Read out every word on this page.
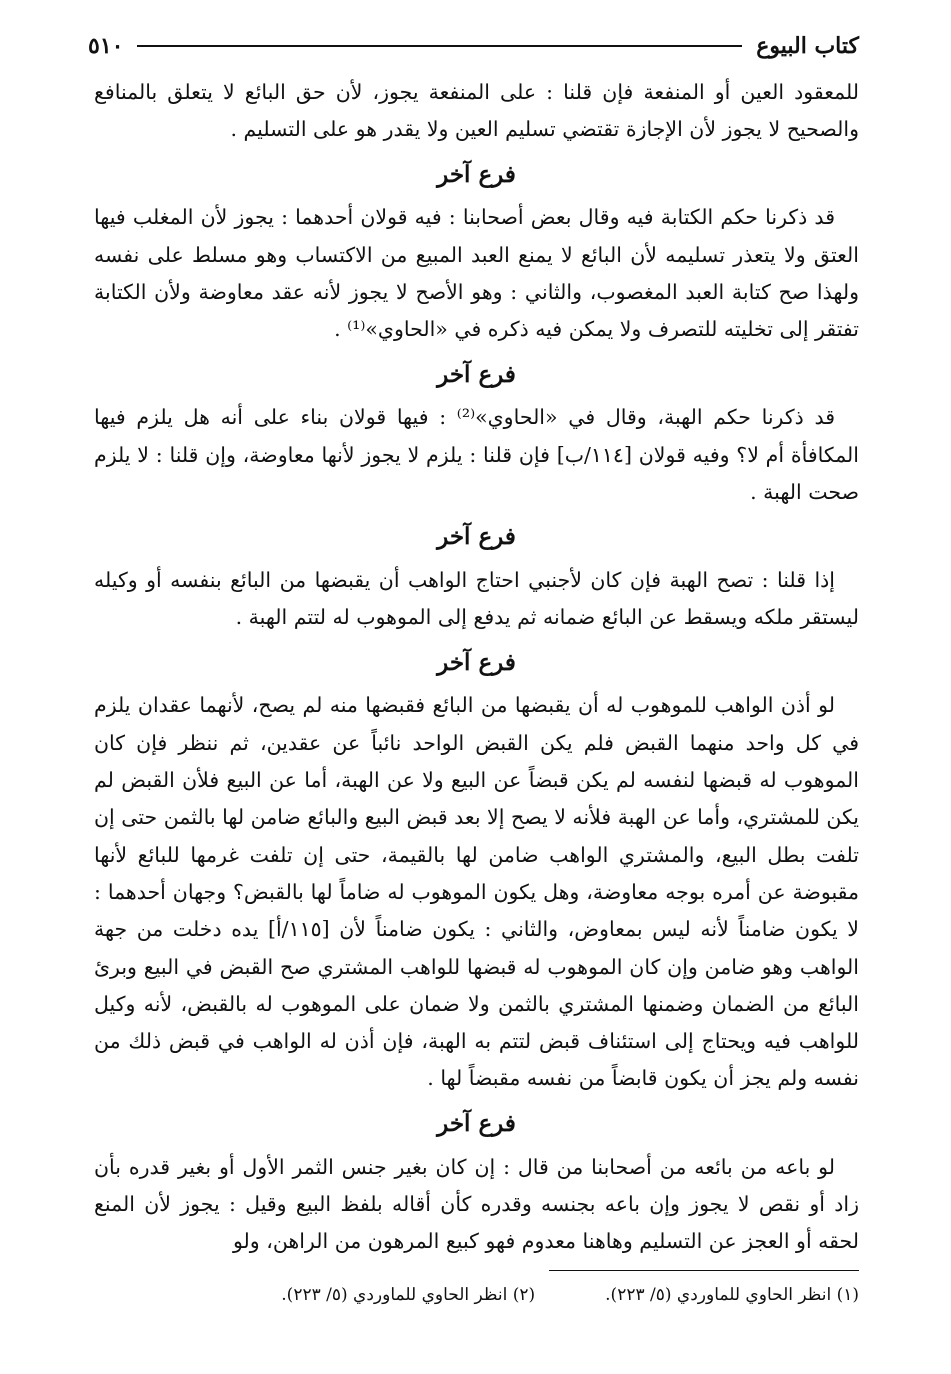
كتاب البيوع
٥١٠

للمعقود العين أو المنفعة فإن قلنا : على المنفعة يجوز، لأن حق البائع لا يتعلق بالمنافع والصحيح لا يجوز لأن الإجازة تقتضي تسليم العين ولا يقدر هو على التسليم .

فرع آخر

قد ذكرنا حكم الكتابة فيه وقال بعض أصحابنا : فيه قولان أحدهما : يجوز لأن المغلب فيها العتق ولا يتعذر تسليمه لأن البائع لا يمنع العبد المبيع من الاكتساب وهو مسلط على نفسه ولهذا صح كتابة العبد المغصوب، والثاني : وهو الأصح لا يجوز لأنه عقد معاوضة ولأن الكتابة تفتقر إلى تخليته للتصرف ولا يمكن فيه ذكره في «الحاوي»⁽¹⁾ .

فرع آخر

قد ذكرنا حكم الهبة، وقال في «الحاوي»⁽²⁾ : فيها قولان بناء على أنه هل يلزم فيها المكافأة أم لا؟ وفيه قولان [١١٤/ب] فإن قلنا : يلزم لا يجوز لأنها معاوضة، وإن قلنا : لا يلزم صحت الهبة .

فرع آخر

إذا قلنا : تصح الهبة فإن كان لأجنبي احتاج الواهب أن يقبضها من البائع بنفسه أو وكيله ليستقر ملكه ويسقط عن البائع ضمانه ثم يدفع إلى الموهوب له لتتم الهبة .

فرع آخر

لو أذن الواهب للموهوب له أن يقبضها من البائع فقبضها منه لم يصح، لأنهما عقدان يلزم في كل واحد منهما القبض فلم يكن القبض الواحد نائباً عن عقدين، ثم ننظر فإن كان الموهوب له قبضها لنفسه لم يكن قبضاً عن البيع ولا عن الهبة، أما عن البيع فلأن القبض لم يكن للمشتري، وأما عن الهبة فلأنه لا يصح إلا بعد قبض البيع والبائع ضامن لها بالثمن حتى إن تلفت بطل البيع، والمشتري الواهب ضامن لها بالقيمة، حتى إن تلفت غرمها للبائع لأنها مقبوضة عن أمره بوجه معاوضة، وهل يكون الموهوب له ضاماً لها بالقبض؟ وجهان أحدهما : لا يكون ضامناً لأنه ليس بمعاوض، والثاني : يكون ضامناً لأن [١١٥/أ] يده دخلت من جهة الواهب وهو ضامن وإن كان الموهوب له قبضها للواهب المشتري صح القبض في البيع وبرئ البائع من الضمان وضمنها المشتري بالثمن ولا ضمان على الموهوب له بالقبض، لأنه وكيل للواهب فيه ويحتاج إلى استئناف قبض لتتم به الهبة، فإن أذن له الواهب في قبض ذلك من نفسه ولم يجز أن يكون قابضاً من نفسه مقبضاً لها .

فرع آخر

لو باعه من بائعه من أصحابنا من قال : إن كان بغير جنس الثمر الأول أو بغير قدره بأن زاد أو نقص لا يجوز وإن باعه بجنسه وقدره كأن أقاله بلفظ البيع وقيل : يجوز لأن المنع لحقه أو العجز عن التسليم وهاهنا معدوم فهو كبيع المرهون من الراهن، ولو

(١) انظر الحاوي للماوردي (٥/ ٢٢٣).
(٢) انظر الحاوي للماوردي (٥/ ٢٢٣).
